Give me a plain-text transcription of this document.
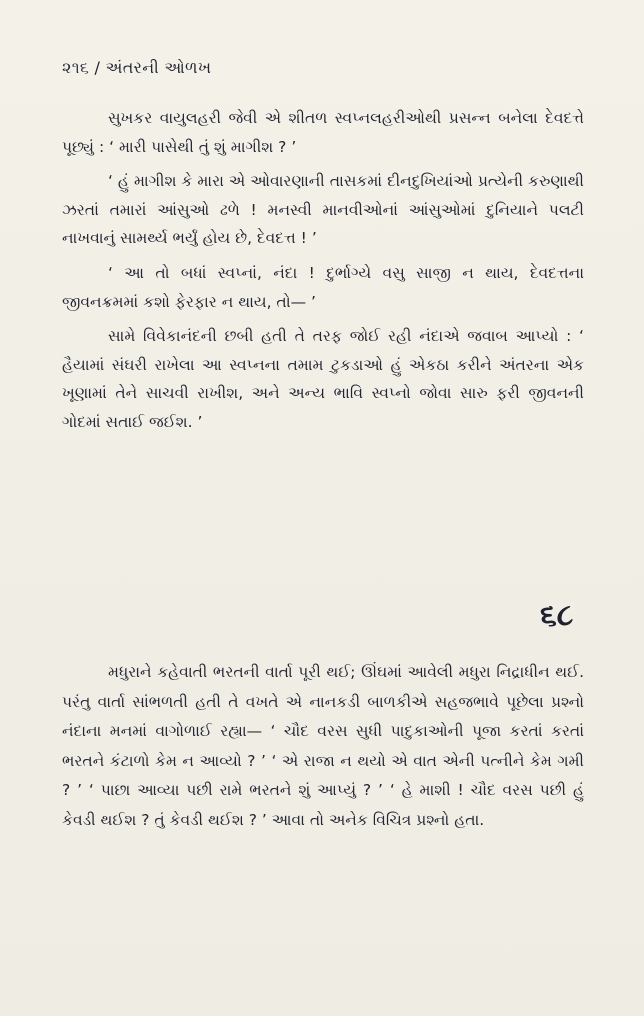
૨૧૬ / અંતરની ઓળખ

સુખકર વાયુલહરી જેવી એ શીતળ સ્વપ્નલહરીઓથી પ્રસન્ન બનેલા દેવદત્તે પૂછ્યું : ‘ મારી પાસેથી તું શું માગીશ ? ’

‘ હું માગીશ કે મારા એ ઓવારણાની તાસકમાં દીનદુખિયાંઓ પ્રત્યેની કરુણાથી ઝરતાં તમારાં આંસુઓ ઢળે ! મનસ્વી માનવીઓનાં આંસુઓમાં દુનિયાને પલટી નાખવાનું સામર્થ્ય ભર્યું હોય છે, દેવદત્ત ! ’

‘ આ તો બધાં સ્વપ્નાં, નંદા ! દુર્ભાગ્યે વસુ સાજી ન થાય, દેવદત્તના જીવનક્રમમાં કશો ફેરફાર ન થાય, તો— ’

સામે વિવેકાનંદની છબી હતી તે તરફ જોઈ રહી નંદાએ જવાબ આપ્યો : ‘ હૈયામાં સંઘરી રાખેલા આ સ્વપ્નના તમામ ટુકડાઓ હું એકઠા કરીને અંતરના એક ખૂણામાં તેને સાચવી રાખીશ, અને અન્ય ભાવિ સ્વપ્નો જોવા સારુ ફરી જીવનની ગોદમાં સતાઈ જઈશ. ’

૬૮

મધુરાને કહેવાતી ભરતની વાર્તા પૂરી થઈ; ઊંઘમાં આવેલી મધુરા નિદ્રાધીન થઈ. પરંતુ વાર્તા સાંભળતી હતી તે વખતે એ નાનકડી બાળકીએ સહજભાવે પૂછેલા પ્રશ્નો નંદાના મનમાં વાગોળાઈ રહ્યા— ‘ ચૌદ વરસ સુધી પાદુકાઓની પૂજા કરતાં કરતાં ભરતને કંટાળો કેમ ન આવ્યો ? ’ ‘ એ રાજા ન થયો એ વાત એની પત્નીને કેમ ગમી ? ’ ‘ પાછા આવ્યા પછી રામે ભરતને શું આપ્યું ? ’ ‘ હે માશી ! ચૌદ વરસ પછી હું કેવડી થઈશ ? તું કેવડી થઈશ ? ’ આવા તો અનેક વિચિત્ર પ્રશ્નો હતા.
